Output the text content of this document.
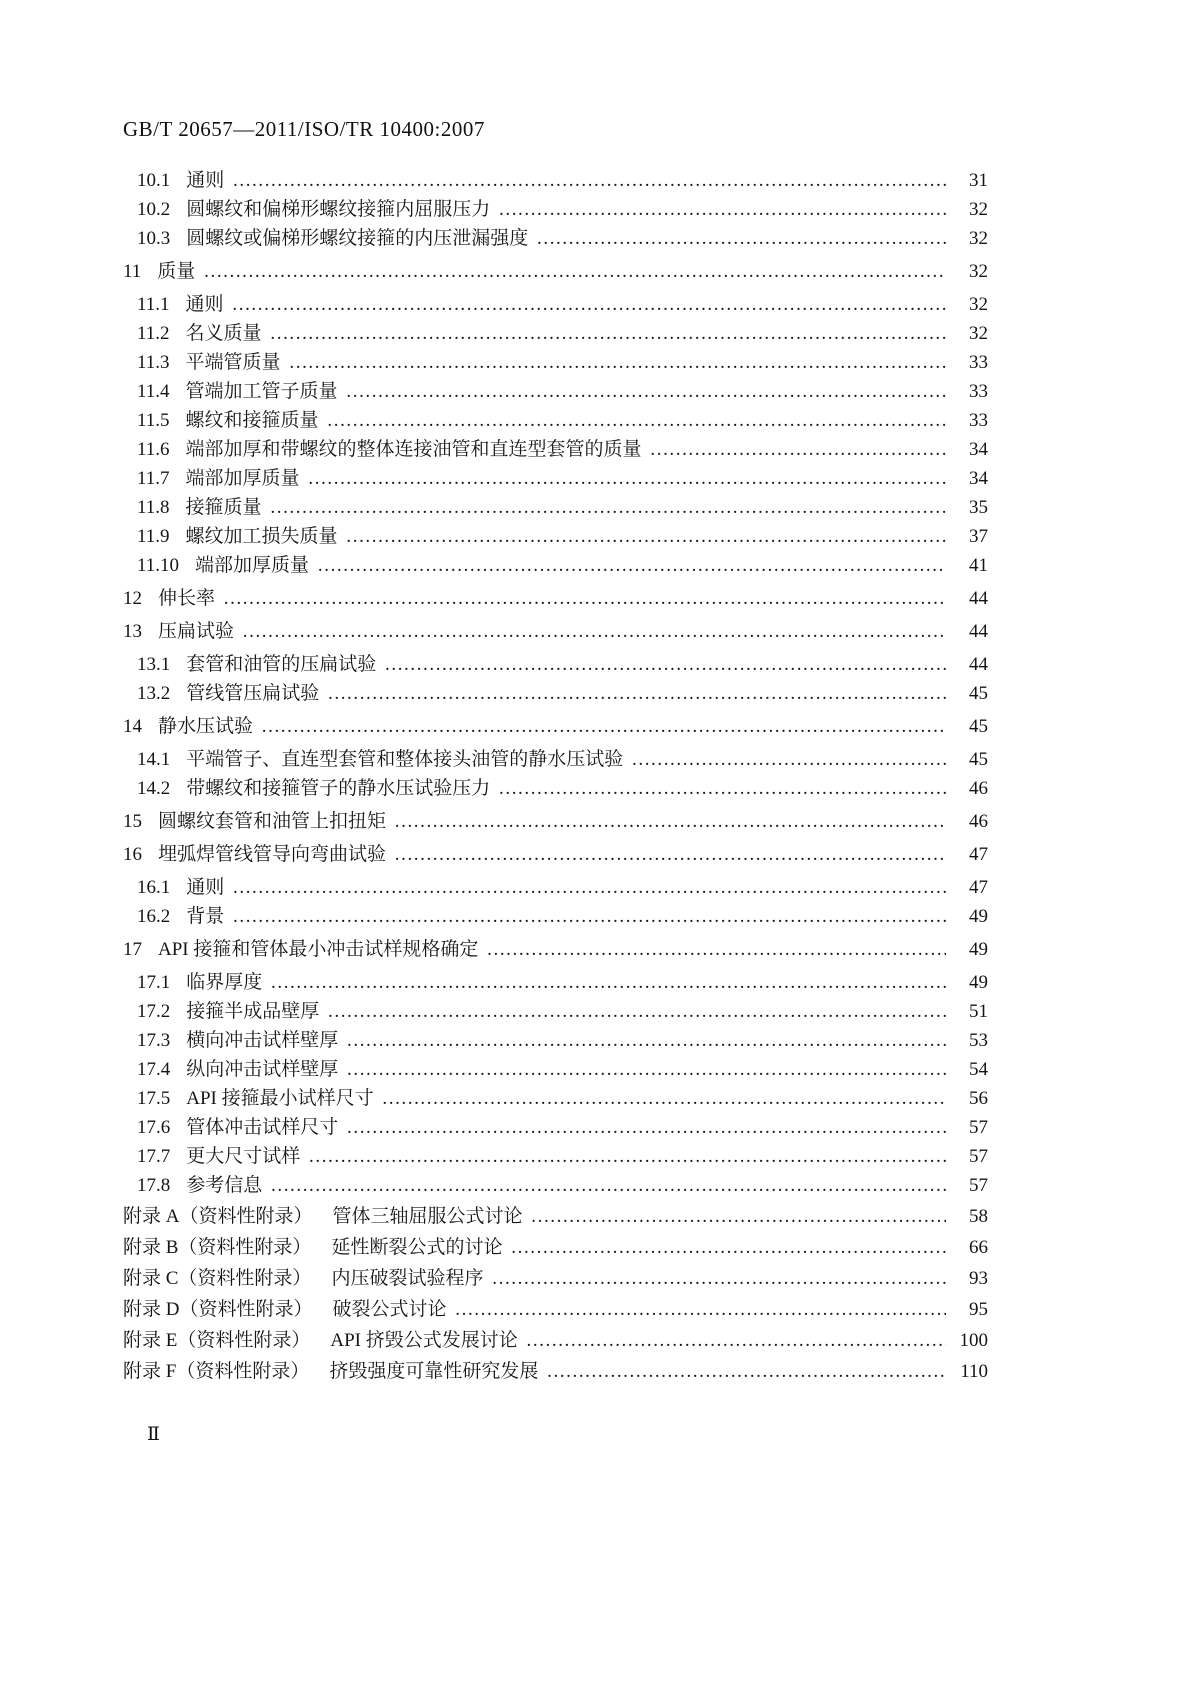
GB/T 20657—2011/ISO/TR 10400:2007
10.1 通则 ……………………………………………………………………………………………………………………………………………………………………………………………………………………………………	31
10.2 圆螺纹和偏梯形螺纹接箍内屈服压力 ……………………………………………………………………………………………………………………………………………………………………………………………………………………………………	32
10.3 圆螺纹或偏梯形螺纹接箍的内压泄漏强度 ……………………………………………………………………………………………………………………………………………………………………………………………………………………………………	32
11 质量 ……………………………………………………………………………………………………………………………………………………………………………………………………………………………………	32
11.1 通则 ……………………………………………………………………………………………………………………………………………………………………………………………………………………………………	32
11.2 名义质量 ……………………………………………………………………………………………………………………………………………………………………………………………………………………………………	32
11.3 平端管质量 ……………………………………………………………………………………………………………………………………………………………………………………………………………………………………	33
11.4 管端加工管子质量 ……………………………………………………………………………………………………………………………………………………………………………………………………………………………………	33
11.5 螺纹和接箍质量 ……………………………………………………………………………………………………………………………………………………………………………………………………………………………………	33
11.6 端部加厚和带螺纹的整体连接油管和直连型套管的质量 ……………………………………………………………………………………………………………………………………………………………………………………………………………………………………	34
11.7 端部加厚质量 ……………………………………………………………………………………………………………………………………………………………………………………………………………………………………	34
11.8 接箍质量 ……………………………………………………………………………………………………………………………………………………………………………………………………………………………………	35
11.9 螺纹加工损失质量 ……………………………………………………………………………………………………………………………………………………………………………………………………………………………………	37
11.10 端部加厚质量 ……………………………………………………………………………………………………………………………………………………………………………………………………………………………………	41
12 伸长率 ……………………………………………………………………………………………………………………………………………………………………………………………………………………………………	44
13 压扁试验 ……………………………………………………………………………………………………………………………………………………………………………………………………………………………………	44
13.1 套管和油管的压扁试验 ……………………………………………………………………………………………………………………………………………………………………………………………………………………………………	44
13.2 管线管压扁试验 ……………………………………………………………………………………………………………………………………………………………………………………………………………………………………	45
14 静水压试验 ……………………………………………………………………………………………………………………………………………………………………………………………………………………………………	45
14.1 平端管子、直连型套管和整体接头油管的静水压试验 ……………………………………………………………………………………………………………………………………………………………………………………………………………………………………	45
14.2 带螺纹和接箍管子的静水压试验压力 ……………………………………………………………………………………………………………………………………………………………………………………………………………………………………	46
15 圆螺纹套管和油管上扣扭矩 ……………………………………………………………………………………………………………………………………………………………………………………………………………………………………	46
16 埋弧焊管线管导向弯曲试验 ……………………………………………………………………………………………………………………………………………………………………………………………………………………………………	47
16.1 通则 ……………………………………………………………………………………………………………………………………………………………………………………………………………………………………	47
16.2 背景 ……………………………………………………………………………………………………………………………………………………………………………………………………………………………………	49
17 API 接箍和管体最小冲击试样规格确定 ……………………………………………………………………………………………………………………………………………………………………………………………………………………………………	49
17.1 临界厚度 ……………………………………………………………………………………………………………………………………………………………………………………………………………………………………	49
17.2 接箍半成品壁厚 ……………………………………………………………………………………………………………………………………………………………………………………………………………………………………	51
17.3 横向冲击试样壁厚 ……………………………………………………………………………………………………………………………………………………………………………………………………………………………………	53
17.4 纵向冲击试样壁厚 ……………………………………………………………………………………………………………………………………………………………………………………………………………………………………	54
17.5 API 接箍最小试样尺寸 ……………………………………………………………………………………………………………………………………………………………………………………………………………………………………	56
17.6 管体冲击试样尺寸 ……………………………………………………………………………………………………………………………………………………………………………………………………………………………………	57
17.7 更大尺寸试样 ……………………………………………………………………………………………………………………………………………………………………………………………………………………………………	57
17.8 参考信息 ……………………………………………………………………………………………………………………………………………………………………………………………………………………………………	57
附录 A（资料性附录） 管体三轴屈服公式讨论 ……………………………………………………………………………………………………………………………………………………………………………………………………………………………………	58
附录 B（资料性附录） 延性断裂公式的讨论 ……………………………………………………………………………………………………………………………………………………………………………………………………………………………………	66
附录 C（资料性附录） 内压破裂试验程序 ……………………………………………………………………………………………………………………………………………………………………………………………………………………………………	93
附录 D（资料性附录） 破裂公式讨论 ……………………………………………………………………………………………………………………………………………………………………………………………………………………………………	95
附录 E（资料性附录） API 挤毁公式发展讨论 ……………………………………………………………………………………………………………………………………………………………………………………………………………………………………	100
附录 F（资料性附录） 挤毁强度可靠性研究发展 ……………………………………………………………………………………………………………………………………………………………………………………………………………………………………	110
Ⅱ
